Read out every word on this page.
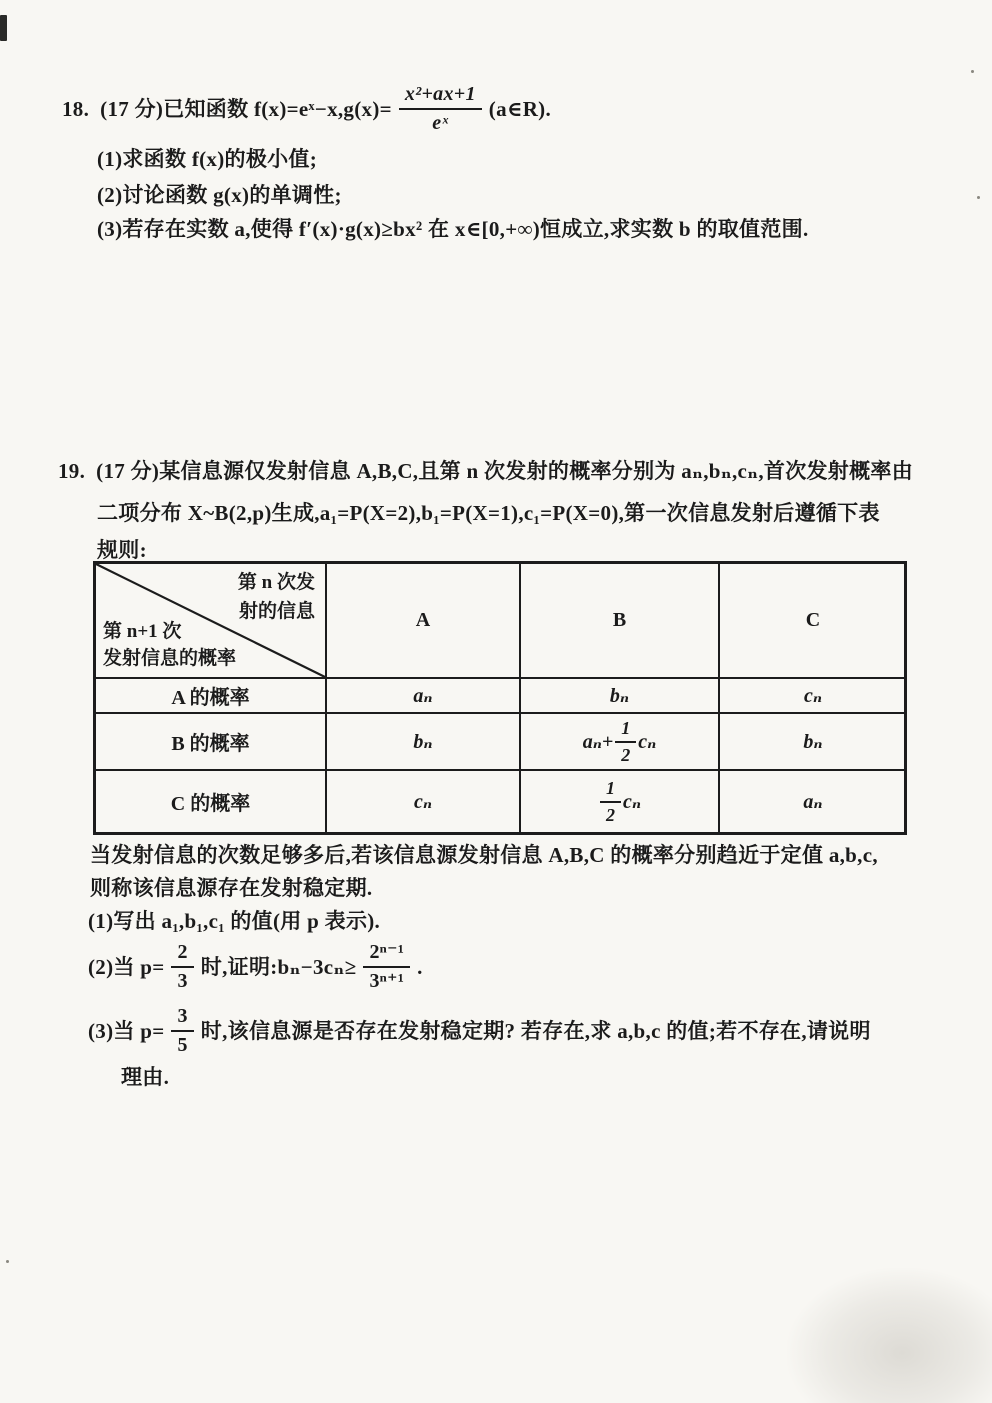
18. (17 分)已知函数 f(x)=eˣ−x,g(x)= $\frac{\text{x²+ax+1}}{\text{eˣ}}$ (a∈R).
(1)求函数 f(x)的极小值;
(2)讨论函数 g(x)的单调性;
(3)若存在实数 a,使得 f′(x)·g(x)≥bx² 在 x∈[0,+∞)恒成立,求实数 b 的取值范围.
19. (17 分)某信息源仅发射信息 A,B,C,且第 n 次发射的概率分别为 aₙ,bₙ,cₙ,首次发射概率由
二项分布 X~B(2,p)生成,a₁=P(X=2),b₁=P(X=1),c₁=P(X=0),第一次信息发射后遵循下表
规则:
第 n 次发
射的信息
第 n+1 次
发射信息的概率
A	B	C
A 的概率	aₙ	bₙ	cₙ
B 的概率	bₙ	$a_n+ \frac{1}{2}$ cₙ	bₙ
C 的概率	cₙ	$\frac{1}{2}$ cₙ	aₙ
当发射信息的次数足够多后,若该信息源发射信息 A,B,C 的概率分别趋近于定值 a,b,c,
则称该信息源存在发射稳定期.
(1)写出 a₁,b₁,c₁ 的值(用 p 表示).
(2)当 $p= \frac{2}{3}$ 时,证明:bₙ−3cₙ≥ $\frac{\text{2ⁿ⁻¹}}{\text{3ⁿ⁺¹}}$ .
(3)当 $p= \frac{3}{5}$ 时,该信息源是否存在发射稳定期? 若存在,求 a,b,c 的值;若不存在,请说明
理由.
